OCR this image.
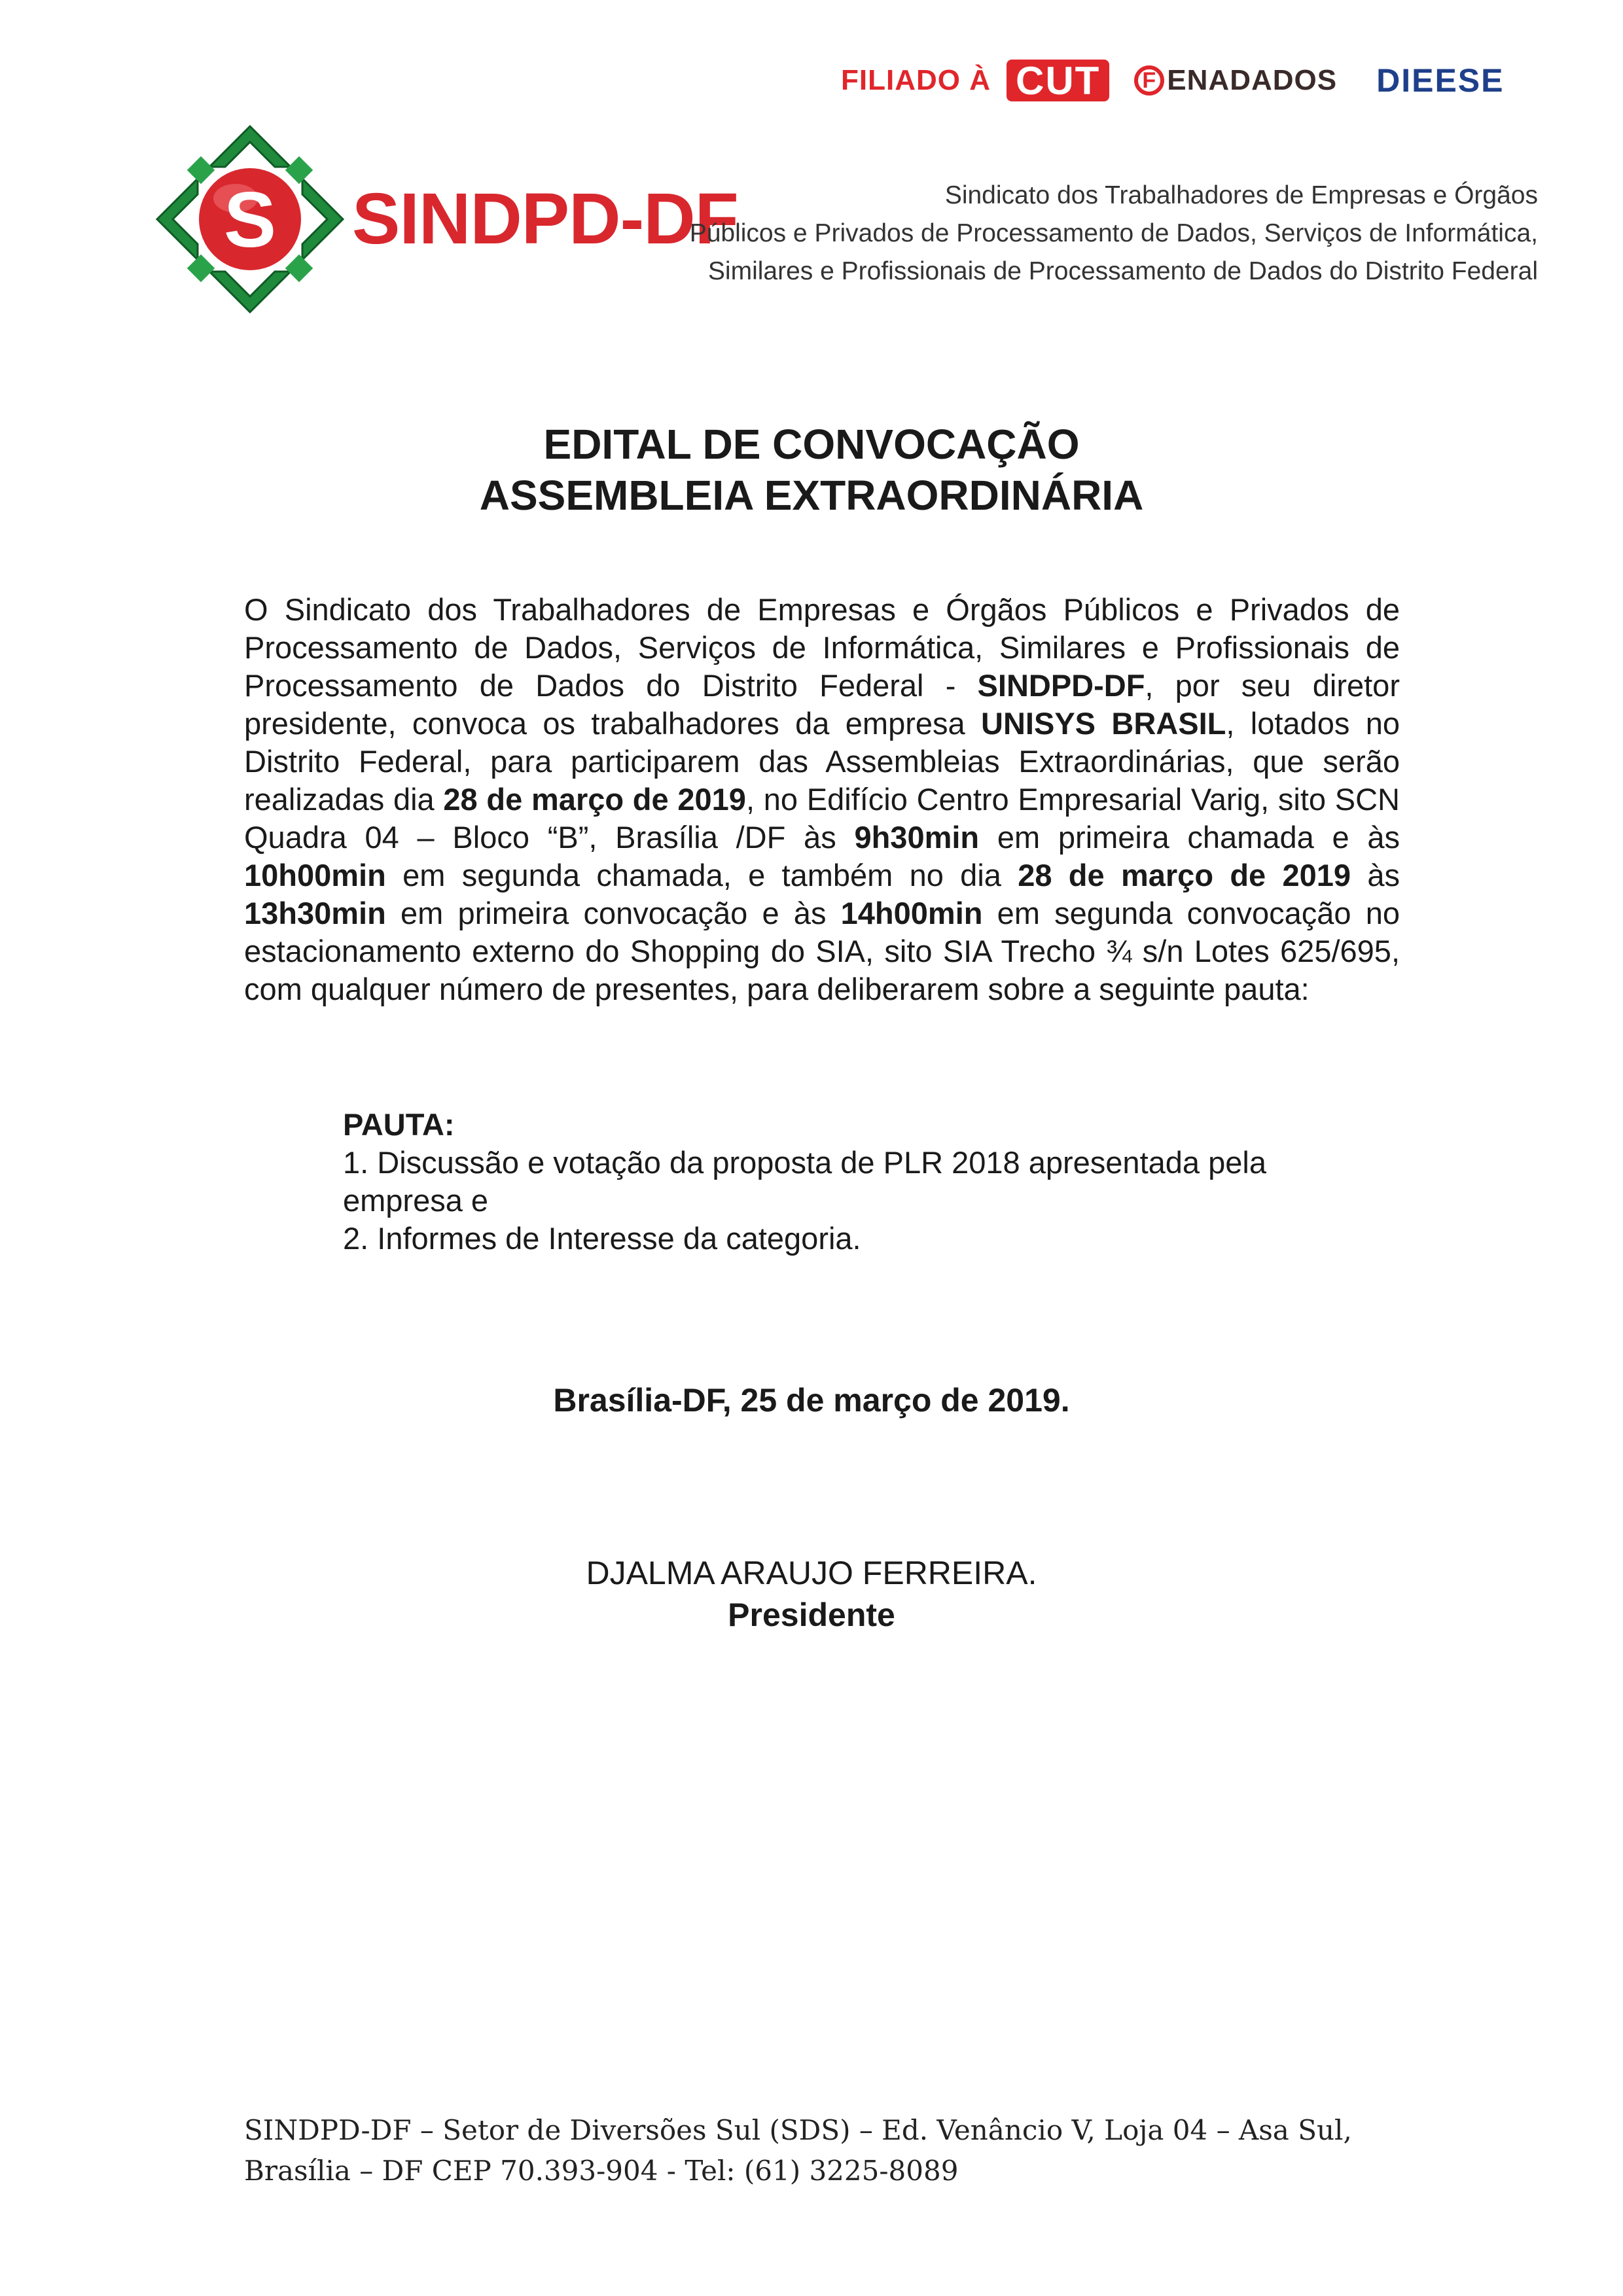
FILIADO À CUT	F ENADADOS DIEESE
S SINDPD-DF	Sindicato dos Trabalhadores de Empresas e Órgãos
Públicos e Privados de Processamento de Dados, Serviços de Informática,
Similares e Profissionais de Processamento de Dados do Distrito Federal
EDITAL DE CONVOCAÇÃO
ASSEMBLEIA EXTRAORDINÁRIA
O Sindicato dos Trabalhadores de Empresas e Órgãos Públicos e Privados de Processamento de Dados, Serviços de Informática, Similares e Profissionais de Processamento de Dados do Distrito Federal - SINDPD-DF, por seu diretor presidente, convoca os trabalhadores da empresa UNISYS BRASIL, lotados no Distrito Federal, para participarem das Assembleias Extraordinárias, que serão realizadas dia 28 de março de 2019, no Edifício Centro Empresarial Varig, sito SCN Quadra 04 – Bloco “B”, Brasília /DF às 9h30min em primeira chamada e às 10h00min em segunda chamada, e também no dia 28 de março de 2019 às 13h30min em primeira convocação e às 14h00min em segunda convocação no estacionamento externo do Shopping do SIA, sito SIA Trecho ¾ s/n Lotes 625/695, com qualquer número de presentes, para deliberarem sobre a seguinte pauta:
PAUTA:
1. Discussão e votação da proposta de PLR 2018 apresentada pela
empresa e
2. Informes de Interesse da categoria.
Brasília-DF, 25 de março de 2019.
DJALMA ARAUJO FERREIRA.
Presidente
SINDPD-DF – Setor de Diversões Sul (SDS) – Ed. Venâncio V, Loja 04 – Asa Sul,
Brasília – DF CEP 70.393-904 - Tel: (61) 3225-8089
